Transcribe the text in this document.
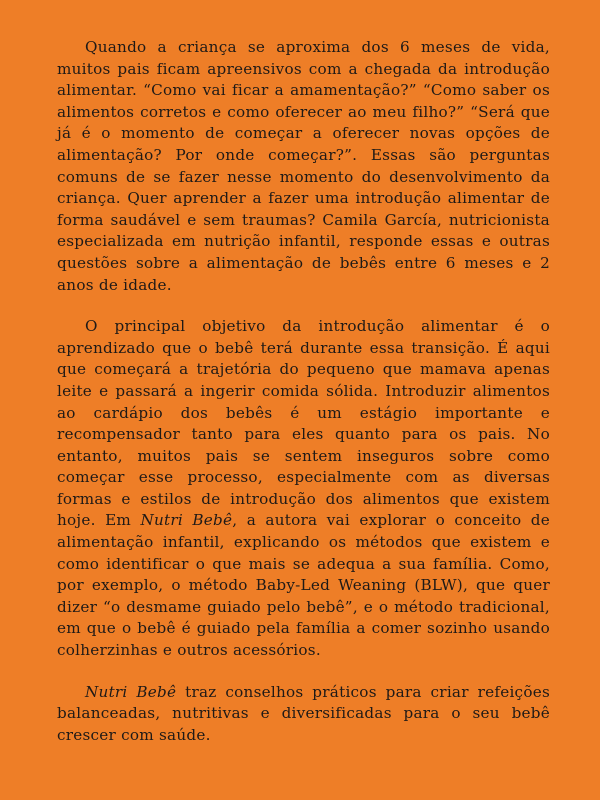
Quando a criança se aproxima dos 6 meses de vida, muitos pais ficam apreensivos com a chegada da introdução alimentar. “Como vai ficar a amamentação?” “Como saber os alimentos corretos e como oferecer ao meu filho?” “Será que já é o momento de começar a oferecer novas opções de alimentação? Por onde começar?”. Essas são perguntas comuns de se fazer nesse momento do desenvolvimento da criança. Quer aprender a fazer uma introdução alimentar de forma saudável e sem traumas? Camila García, nutricionista especializada em nutrição infantil, responde essas e outras questões sobre a alimentação de bebês entre 6 meses e 2 anos de idade.

O principal objetivo da introdução alimentar é o aprendizado que o bebê terá durante essa transição. É aqui que começará a trajetória do pequeno que mamava apenas leite e passará a ingerir comida sólida. Introduzir alimentos ao cardápio dos bebês é um estágio importante e recompensador tanto para eles quanto para os pais. No entanto, muitos pais se sentem inseguros sobre como começar esse processo, especialmente com as diversas formas e estilos de introdução dos alimentos que existem hoje. Em Nutri Bebê, a autora vai explorar o conceito de alimentação infantil, explicando os métodos que existem e como identificar o que mais se adequa a sua família. Como, por exemplo, o método Baby-Led Weaning (BLW), que quer dizer “o desmame guiado pelo bebê”, e o método tradicional, em que o bebê é guiado pela família a comer sozinho usando colherzinhas e outros acessórios.

Nutri Bebê traz conselhos práticos para criar refeições balanceadas, nutritivas e diversificadas para o seu bebê crescer com saúde.
